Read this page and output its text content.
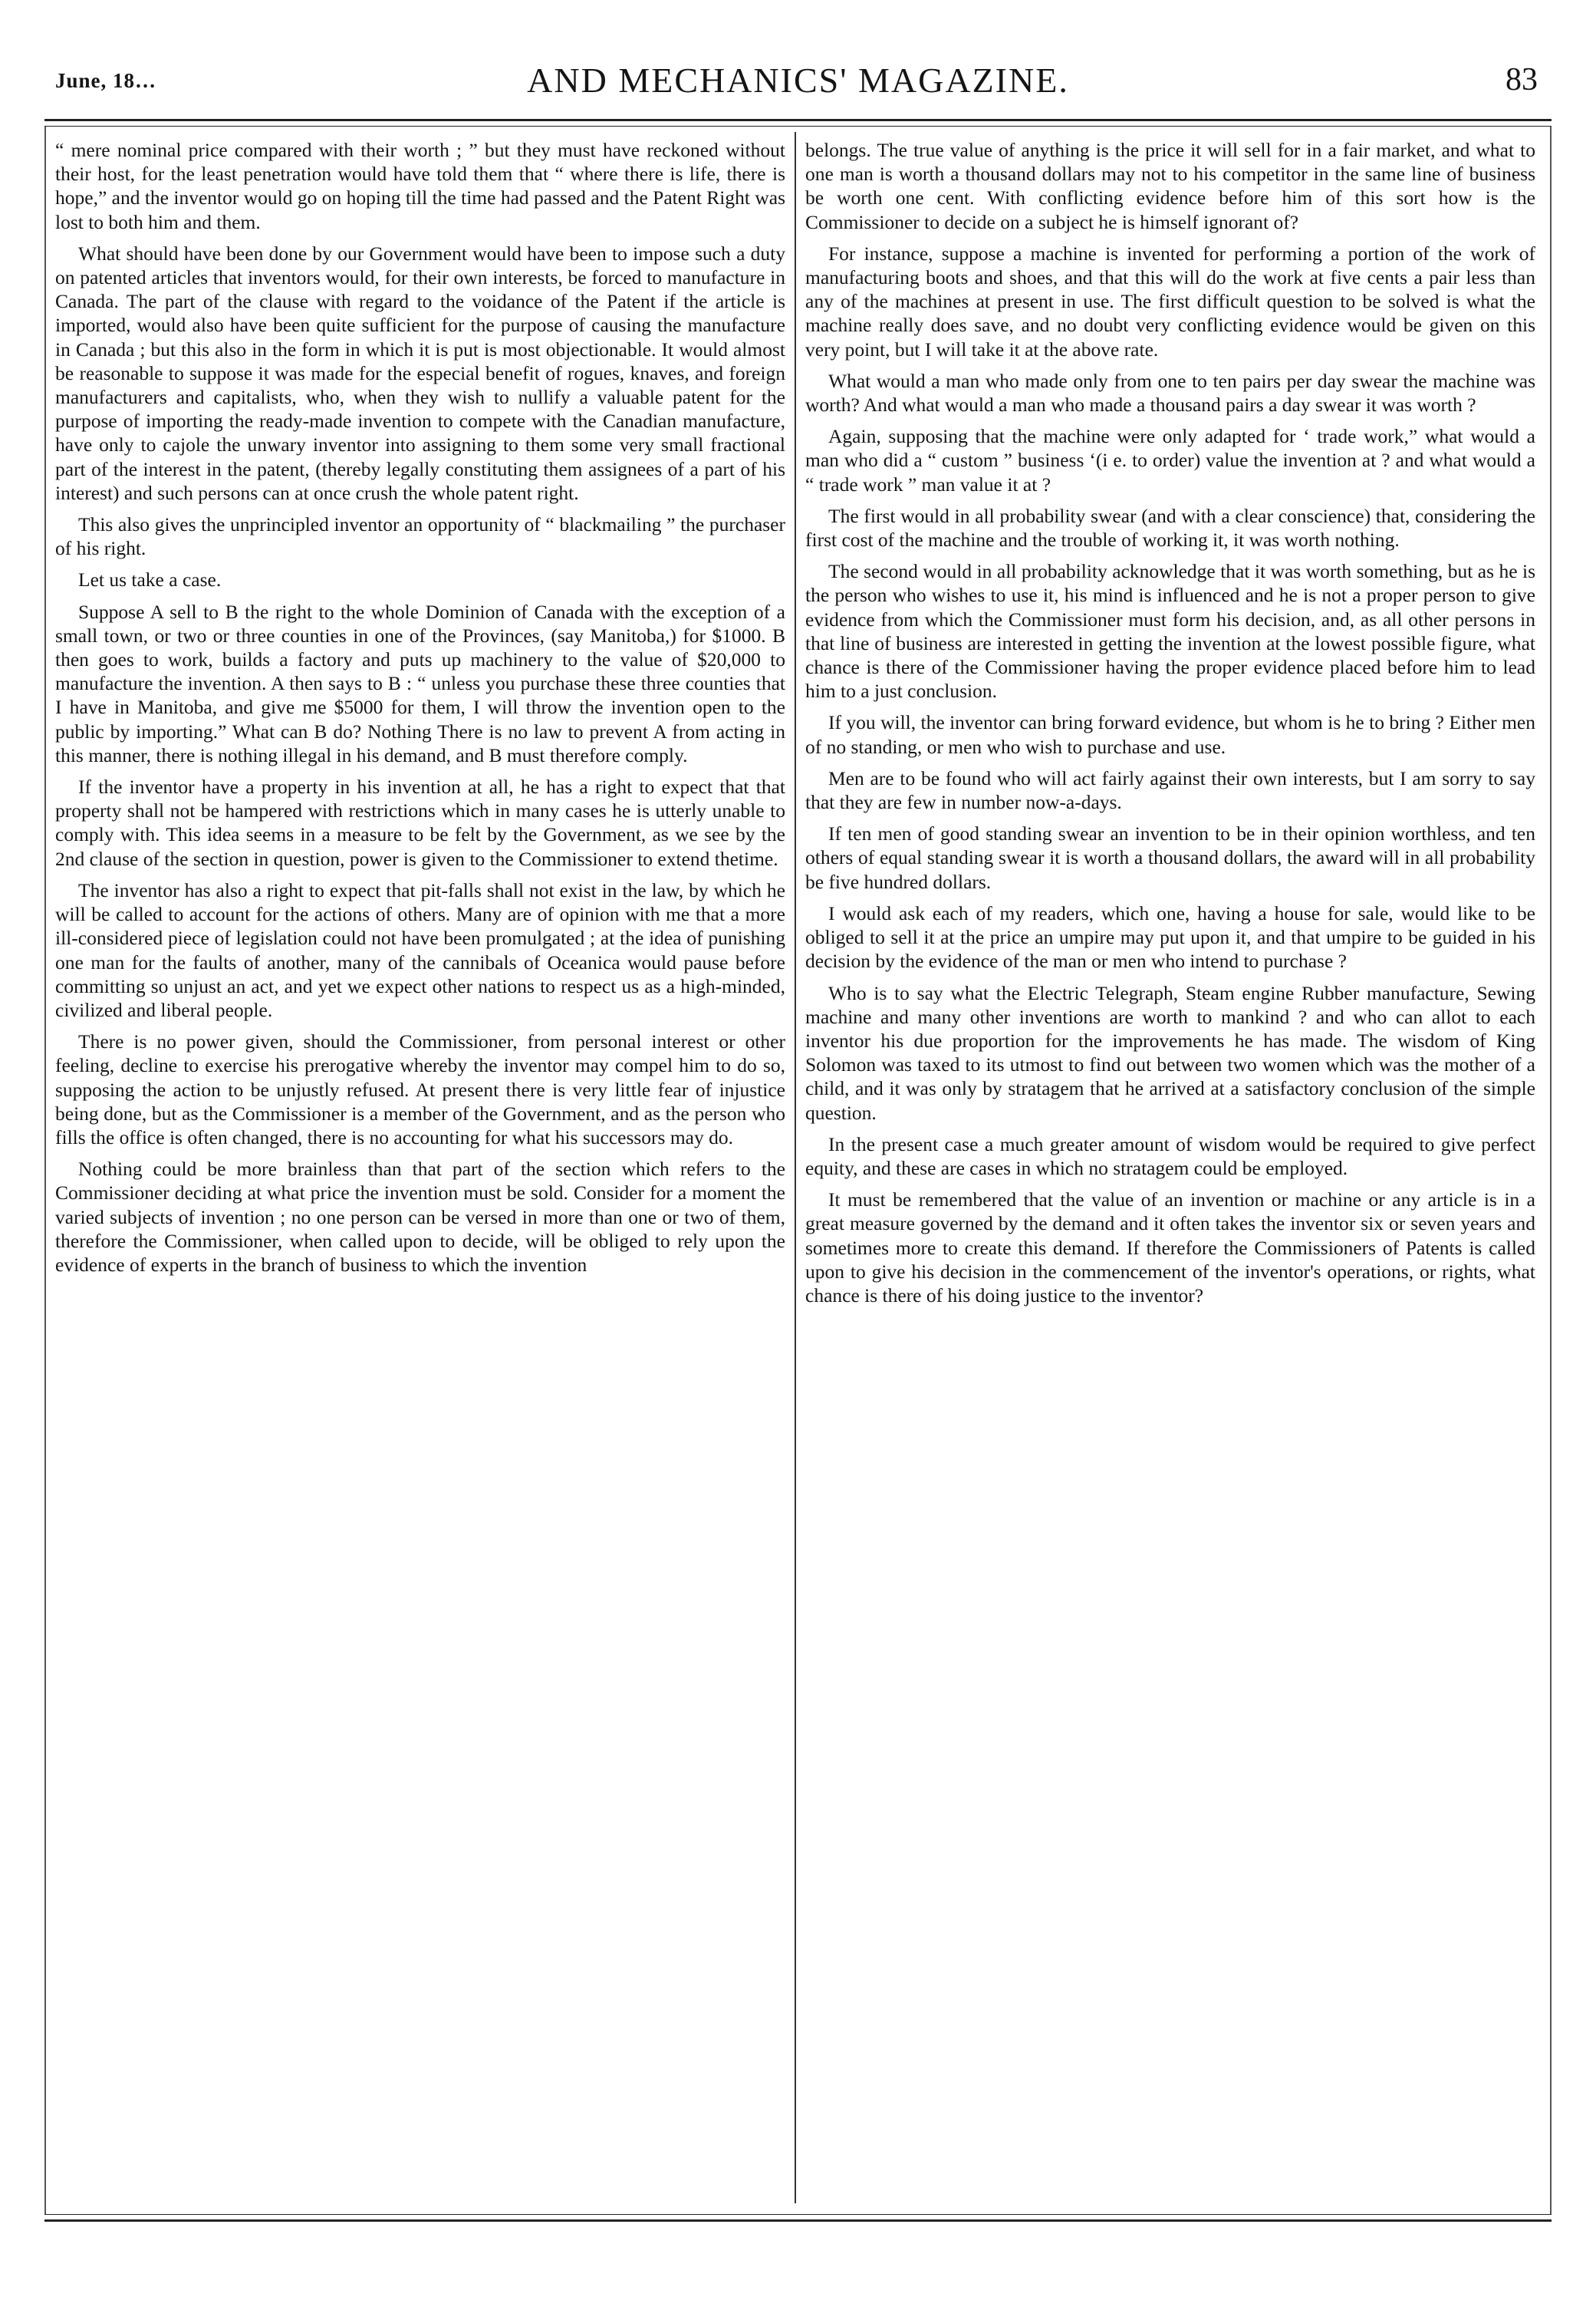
June, 18…	AND MECHANICS' MAGAZINE.	83

“ mere nominal price compared with their worth ; ” but they must have reckoned without their host, for the least penetration would have told them that “ where there is life, there is hope,” and the inventor would go on hoping till the time had passed and the Patent Right was lost to both him and them.

What should have been done by our Government would have been to impose such a duty on patented articles that inventors would, for their own interests, be forced to manufacture in Canada. The part of the clause with regard to the voidance of the Patent if the article is imported, would also have been quite sufficient for the purpose of causing the manufacture in Canada ; but this also in the form in which it is put is most objectionable. It would almost be reasonable to suppose it was made for the especial benefit of rogues, knaves, and foreign manufacturers and capitalists, who, when they wish to nullify a valuable patent for the purpose of importing the ready-made invention to compete with the Canadian manufacture, have only to cajole the unwary inventor into assigning to them some very small fractional part of the interest in the patent, (thereby legally constituting them assignees of a part of his interest) and such persons can at once crush the whole patent right.

This also gives the unprincipled inventor an opportunity of “ blackmailing ” the purchaser of his right.

Let us take a case.

Suppose A sell to B the right to the whole Dominion of Canada with the exception of a small town, or two or three counties in one of the Provinces, (say Manitoba,) for $1000. B then goes to work, builds a factory and puts up machinery to the value of $20,000 to manufacture the invention. A then says to B : “ unless you purchase these three counties that I have in Manitoba, and give me $5000 for them, I will throw the invention open to the public by importing.” What can B do? Nothing There is no law to prevent A from acting in this manner, there is nothing illegal in his demand, and B must therefore comply.

If the inventor have a property in his invention at all, he has a right to expect that that property shall not be hampered with restrictions which in many cases he is utterly unable to comply with. This idea seems in a measure to be felt by the Government, as we see by the 2nd clause of the section in question, power is given to the Commissioner to extend thetime.

The inventor has also a right to expect that pit-falls shall not exist in the law, by which he will be called to account for the actions of others. Many are of opinion with me that a more ill-considered piece of legislation could not have been promulgated ; at the idea of punishing one man for the faults of another, many of the cannibals of Oceanica would pause before committing so unjust an act, and yet we expect other nations to respect us as a high-minded, civilized and liberal people.

There is no power given, should the Commissioner, from personal interest or other feeling, decline to exercise his prerogative whereby the inventor may compel him to do so, supposing the action to be unjustly refused. At present there is very little fear of injustice being done, but as the Commissioner is a member of the Government, and as the person who fills the office is often changed, there is no accounting for what his successors may do.

Nothing could be more brainless than that part of the section which refers to the Commissioner deciding at what price the invention must be sold. Consider for a moment the varied subjects of invention ; no one person can be versed in more than one or two of them, therefore the Commissioner, when called upon to decide, will be obliged to rely upon the evidence of experts in the branch of business to which the invention

belongs. The true value of anything is the price it will sell for in a fair market, and what to one man is worth a thousand dollars may not to his competitor in the same line of business be worth one cent. With conflicting evidence before him of this sort how is the Commissioner to decide on a subject he is himself ignorant of?

For instance, suppose a machine is invented for performing a portion of the work of manufacturing boots and shoes, and that this will do the work at five cents a pair less than any of the machines at present in use. The first difficult question to be solved is what the machine really does save, and no doubt very conflicting evidence would be given on this very point, but I will take it at the above rate.

What would a man who made only from one to ten pairs per day swear the machine was worth? And what would a man who made a thousand pairs a day swear it was worth ?

Again, supposing that the machine were only adapted for ‘ trade work,” what would a man who did a “ custom ” business ‘(i e. to order) value the invention at ? and what would a “ trade work ” man value it at ?

The first would in all probability swear (and with a clear conscience) that, considering the first cost of the machine and the trouble of working it, it was worth nothing.

The second would in all probability acknowledge that it was worth something, but as he is the person who wishes to use it, his mind is influenced and he is not a proper person to give evidence from which the Commissioner must form his decision, and, as all other persons in that line of business are interested in getting the invention at the lowest possible figure, what chance is there of the Commissioner having the proper evidence placed before him to lead him to a just conclusion.

If you will, the inventor can bring forward evidence, but whom is he to bring ? Either men of no standing, or men who wish to purchase and use.

Men are to be found who will act fairly against their own interests, but I am sorry to say that they are few in number now-a-days.

If ten men of good standing swear an invention to be in their opinion worthless, and ten others of equal standing swear it is worth a thousand dollars, the award will in all probability be five hundred dollars.

I would ask each of my readers, which one, having a house for sale, would like to be obliged to sell it at the price an umpire may put upon it, and that umpire to be guided in his decision by the evidence of the man or men who intend to purchase ?

Who is to say what the Electric Telegraph, Steam engine Rubber manufacture, Sewing machine and many other inventions are worth to mankind ? and who can allot to each inventor his due proportion for the improvements he has made. The wisdom of King Solomon was taxed to its utmost to find out between two women which was the mother of a child, and it was only by stratagem that he arrived at a satisfactory conclusion of the simple question.

In the present case a much greater amount of wisdom would be required to give perfect equity, and these are cases in which no stratagem could be employed.

It must be remembered that the value of an invention or machine or any article is in a great measure governed by the demand and it often takes the inventor six or seven years and sometimes more to create this demand. If therefore the Commissioners of Patents is called upon to give his decision in the commencement of the inventor's operations, or rights, what chance is there of his doing justice to the inventor?
